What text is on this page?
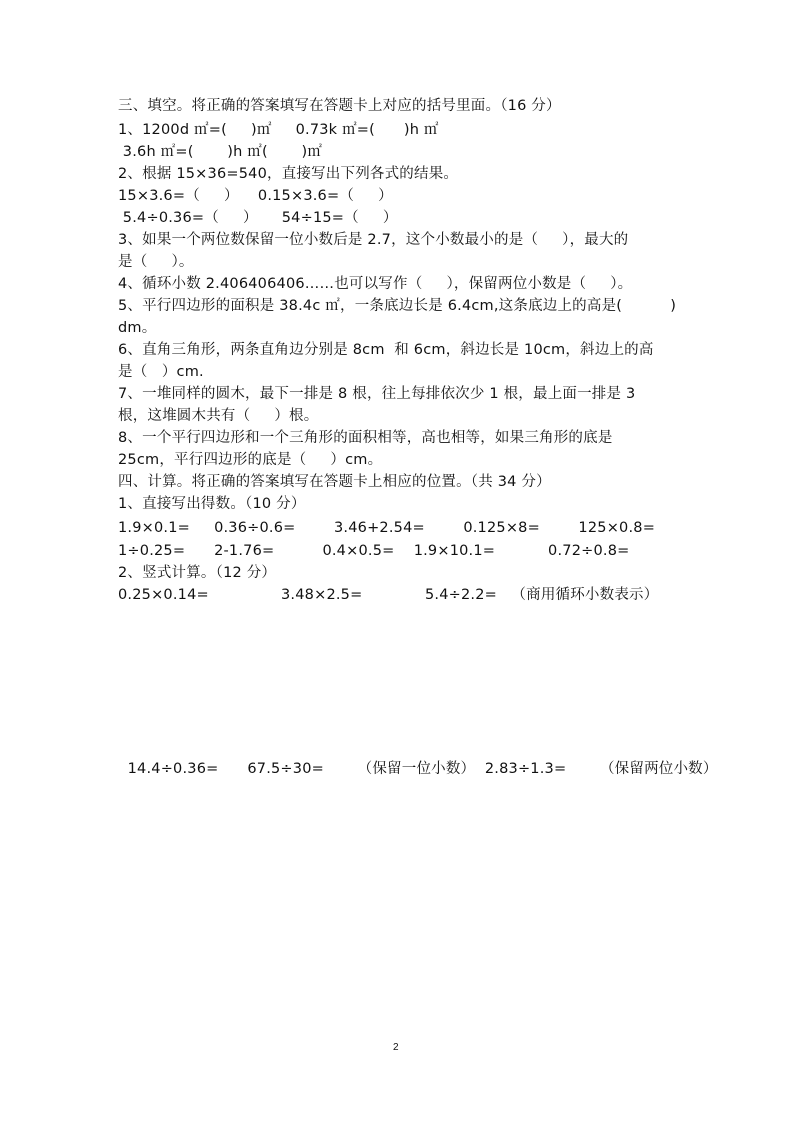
三、填空。将正确的答案填写在答题卡上对应的括号里面。（16 分）
1、1200d ㎡=(     )㎡     0.73k ㎡=(      )h ㎡
3.6h ㎡=(       )h ㎡(       )㎡
2、根据 15×36=540，直接写出下列各式的结果。
15×3.6=（     ）    0.15×3.6=（     ）
5.4÷0.36=（     ）     54÷15=（     ）
3、如果一个两位数保留一位小数后是 2.7，这个小数最小的是（     ），最大的
是（     ）。
4、循环小数 2.406406406……也可以写作（     ），保留两位小数是（     ）。
5、平行四边形的面积是 38.4c ㎡，一条底边长是 6.4cm,这条底边上的高是(          )
dm。
6、直角三角形，两条直角边分别是 8cm  和 6cm，斜边长是 10cm，斜边上的高
是（   ）cm.
7、一堆同样的圆木，最下一排是 8 根，往上每排依次少 1 根，最上面一排是 3
根，这堆圆木共有（     ）根。
8、一个平行四边形和一个三角形的面积相等，高也相等，如果三角形的底是
25cm，平行四边形的底是（     ）cm。
四、计算。将正确的答案填写在答题卡上相应的位置。（共 34 分）
1、直接写出得数。（10 分）
1.9×0.1=     0.36÷0.6=        3.46+2.54=        0.125×8=        125×0.8=
1÷0.25=      2-1.76=          0.4×0.5=    1.9×10.1=           0.72÷0.8=
2、竖式计算。（12 分）
0.25×0.14=               3.48×2.5=             5.4÷2.2=   （商用循环小数表示）
14.4÷0.36=      67.5÷30=       （保留一位小数）  2.83÷1.3=       （保留两位小数）
2
